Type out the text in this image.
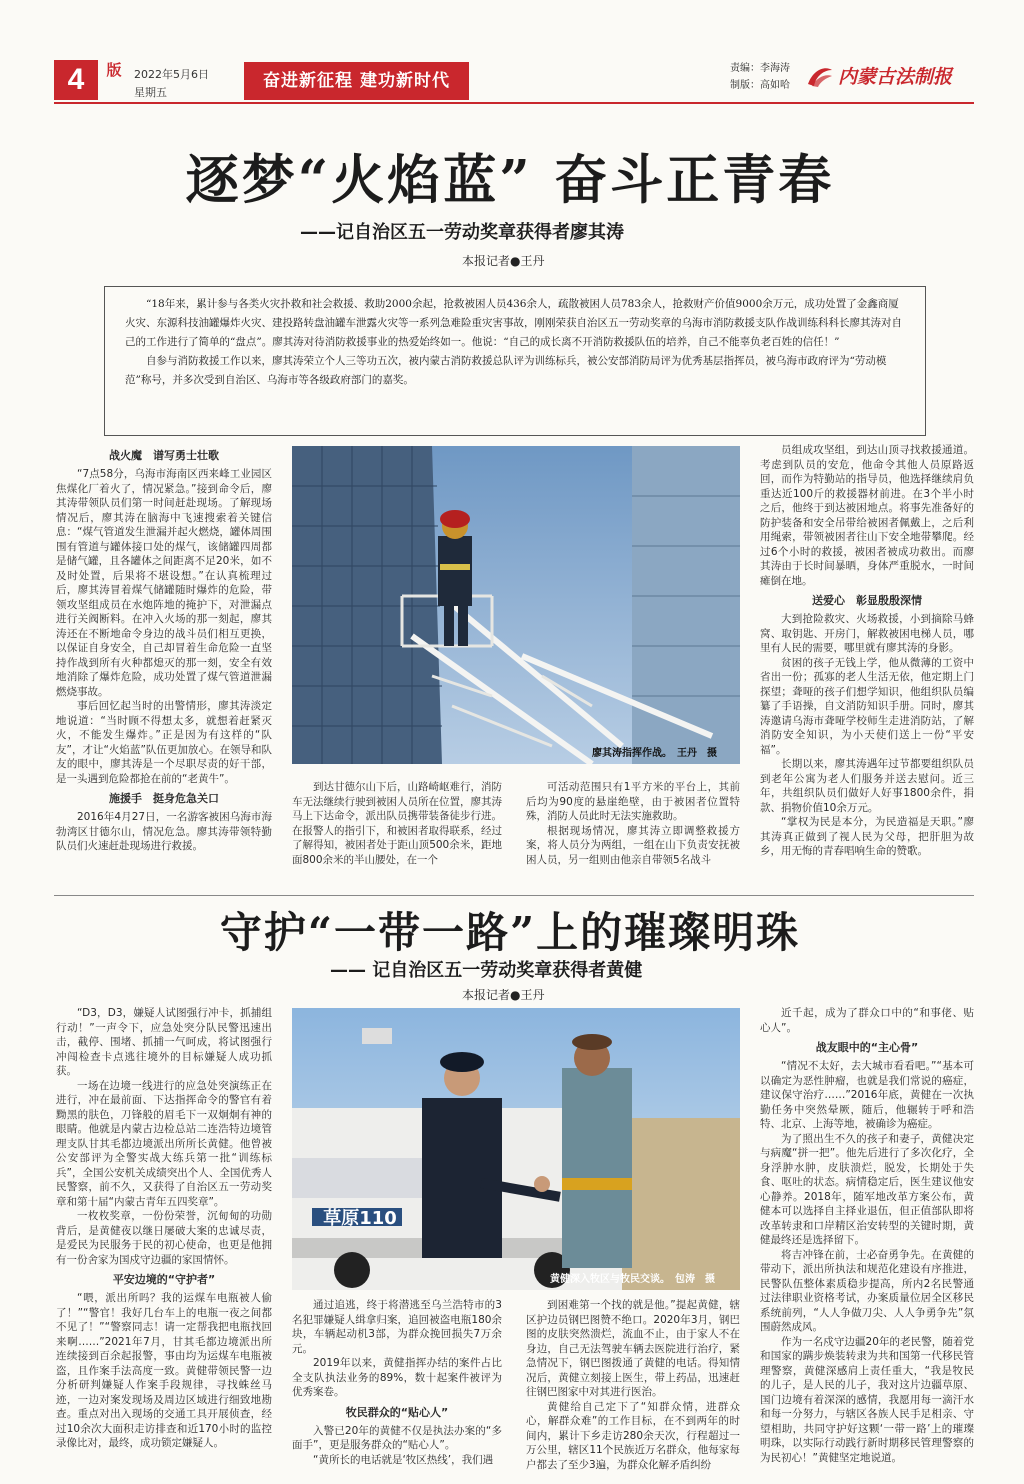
4	版	2022年5月6日
星期五
奋进新征程 建功新时代
责编：李海涛
制版：高如哈	内蒙古法制报
逐梦“火焰蓝” 奋斗正青春
——记自治区五一劳动奖章获得者廖其涛
本报记者●王丹

“18年来，累计参与各类火灾扑救和社会救援、救助2000余起，抢救被困人员436余人，疏散被困人员783余人，抢救财产价值9000余万元，成功处置了金鑫商厦火灾、东源科技油罐爆炸火灾、建投路转盘油罐车泄露火灾等一系列急难险重灾害事故，刚刚荣获自治区五一劳动奖章的乌海市消防救援支队作战训练科科长廖其涛对自己的工作进行了简单的“盘点”。廖其涛对待消防救援事业的热爱始终如一。他说：“自己的成长离不开消防救援队伍的培养，自己不能辜负老百姓的信任！”

自参与消防救援工作以来，廖其涛荣立个人三等功五次，被内蒙古消防救援总队评为训练标兵，被公安部消防局评为优秀基层指挥员，被乌海市政府评为“劳动模范”称号，并多次受到自治区、乌海市等各级政府部门的嘉奖。

战火魔　谱写勇士壮歌

“7点58分，乌海市海南区西来峰工业园区焦煤化厂着火了，情况紧急。”接到命令后，廖其涛带领队员们第一时间赶赴现场。了解现场情况后，廖其涛在脑海中飞速搜索着关键信息：“煤气管道发生泄漏并起火燃烧，罐体周围围有管道与罐体接口处的煤气，该储罐四周都是储气罐，且各罐体之间距离不足20米，如不及时处置，后果将不堪设想。”在认真梳理过后，廖其涛冒着煤气储罐随时爆炸的危险，带领攻坚组成员在水炮阵地的掩护下，对泄漏点进行关阀断料。在冲入火场的那一刻起，廖其涛还在不断地命令身边的战斗员们相互更换，以保证自身安全，自己却冒着生命危险一直坚持作战到所有火种都熄灭的那一刻，安全有效地消除了爆炸危险，成功处置了煤气管道泄漏燃烧事故。

事后回忆起当时的出警情形，廖其涛淡定地说道：“当时顾不得想太多，就想着赶紧灭火，不能发生爆炸。”正是因为有这样的“队友”，才让“火焰蓝”队伍更加放心。在领导和队友的眼中，廖其涛是一个尽职尽责的好干部，是一头遇到危险都抢在前的“老黄牛”。

施援手　挺身危急关口

2016年4月27日，一名游客被困乌海市海勃湾区甘德尔山，情况危急。廖其涛带领特勤队员们火速赶赴现场进行救援。

廖其涛指挥作战。　王丹　摄

到达甘德尔山下后，山路崎岖难行，消防车无法继续行驶到被困人员所在位置，廖其涛马上下达命令，派出队员携带装备徒步行进。在报警人的指引下，和被困者取得联系，经过了解得知，被困者处于距山顶500余米，距地面800余米的半山腰处，在一个

可活动范围只有1平方米的平台上，其前后均为90度的悬崖绝壁，由于被困者位置特殊，消防人员此时无法实施救助。

根据现场情况，廖其涛立即调整救援方案，将人员分为两组，一组在山下负责安抚被困人员，另一组则由他亲自带领5名战斗

员组成攻坚组，到达山顶寻找救援通道。考虑到队员的安危，他命令其他人员原路返回，而作为特勤站的指导员，他选择继续肩负重达近100斤的救援器材前进。在3个半小时之后，他终于到达被困地点。将事先准备好的防护装备和安全吊带给被困者佩戴上，之后利用绳索，带领被困者往山下安全地带攀爬。经过6个小时的救援，被困者被成功救出。而廖其涛由于长时间暴晒，身体严重脱水，一时间瘫倒在地。

送爱心　彰显殷殷深情

大到抢险救灾、火场救援，小到摘除马蜂窝、取钥匙、开房门，解救被困电梯人员，哪里有人民的需要，哪里就有廖其涛的身影。

贫困的孩子无钱上学，他从微薄的工资中省出一份；孤寡的老人生活无依，他定期上门探望；聋哑的孩子们想学知识，他组织队员编纂了手语操，自文消防知识手册。同时，廖其涛邀请乌海市聋哑学校师生走进消防站，了解消防安全知识，为小天使们送上一份“平安福”。

长期以来，廖其涛遇年过节都要组织队员到老年公寓为老人们服务并送去慰问。近三年，共组织队员们做好人好事1800余件，捐款、捐物价值10余万元。

“掌权为民是本分，为民造福是天职。”廖其涛真正做到了视人民为父母，把肝胆为故乡，用无悔的青春唱响生命的赞歌。

守护“一带一路”上的璀璨明珠
—— 记自治区五一劳动奖章获得者黄健
本报记者●王丹

“D3，D3，嫌疑人试图强行冲卡，抓捕组行动！”一声令下，应急处突分队民警迅速出击，截停、围堵、抓捕一气呵成，将试图强行冲闯检查卡点逃往境外的目标嫌疑人成功抓获。

一场在边境一线进行的应急处突演练正在进行，冲在最前面、下达指挥命令的警官有着黝黑的肤色，刀锋般的眉毛下一双炯炯有神的眼睛。他就是内蒙古边检总站二连浩特边境管理支队甘其毛都边境派出所所长黄健。他曾被公安部评为全警实战大练兵第一批“训练标兵”，全国公安机关成绩突出个人、全国优秀人民警察，前不久，又获得了自治区五一劳动奖章和第十届“内蒙古青年五四奖章”。

一枚枚奖章，一份份荣誉，沉甸甸的功勋背后，是黄健夜以继日屡破大案的忠诚尽责，是爱民为民服务于民的初心使命，也更是他拥有一份舍家为国戍守边疆的家国情怀。

平安边境的“守护者”

“喂，派出所吗？我的运煤车电瓶被人偷了！”“警官！我好几台车上的电瓶一夜之间都不见了！”“警察同志！请一定帮我把电瓶找回来啊……”2021年7月，甘其毛都边境派出所连续接到百余起报警，事由均为运煤车电瓶被盗，且作案手法高度一致。黄健带领民警一边分析研判嫌疑人作案手段规律，寻找蛛丝马迹，一边对案发现场及周边区域进行细致地勘查。重点对出入现场的交通工具开展侦查，经过10余次大面积走访排查和近170小时的监控录像比对，最终，成功锁定嫌疑人。

草原110
黄健深入牧区与牧民交谈。　包涛　摄

通过追逃，终于将潜逃至乌兰浩特市的3名犯罪嫌疑人缉拿归案，追回被盗电瓶180余块，车辆起动机3部，为群众挽回损失7万余元。

2019年以来，黄健指挥办结的案件占比全支队执法业务的89%，数十起案件被评为优秀案卷。

牧民群众的“贴心人”

入警已20年的黄健不仅是执法办案的“多面手”，更是服务群众的“贴心人”。

“黄所长的电话就是‘牧区热线’，我们遇

到困难第一个找的就是他。”提起黄健，辖区护边员钢巴图赞不绝口。2020年3月，钢巴图的皮肤突然溃烂，流血不止，由于家人不在身边，自己无法驾驶车辆去医院进行治疗，紧急情况下，钢巴图拨通了黄健的电话。得知情况后，黄健立刻接上医生，带上药品，迅速赶往钢巴图家中对其进行医治。

黄健给自己定下了“知群众情，进群众心，解群众难”的工作目标，在不到两年的时间内，累计下乡走访280余天次，行程超过一万公里，辖区11个民族近万名群众，他每家每户都去了至少3遍，为群众化解矛盾纠纷

近千起，成为了群众口中的“和事佬、贴心人”。

战友眼中的“主心骨”

“情况不太好，去大城市看看吧。”“基本可以确定为恶性肿瘤，也就是我们常说的癌症，建议保守治疗……”2016年底，黄健在一次执勤任务中突然晕厥，随后，他辗转于呼和浩特、北京、上海等地，被确诊为癌症。

为了照出生不久的孩子和妻子，黄健决定与病魔“拼一把”。他先后进行了多次化疗，全身浮肿水肿，皮肤溃烂，脱发，长期处于失食、呕吐的状态。病情稳定后，医生建议他安心静养。2018年，随军地改革方案公布，黄健本可以选择自主择业退伍，但正值部队即将改革转隶和口岸精区治安转型的关键时期，黄健最终还是选择留下。

将吉冲锋在前，士必奋勇争先。在黄健的带动下，派出所执法和规范化建设有序推进，民警队伍整体素质稳步提高，所内2名民警通过法律职业资格考试，办案质量位居全区移民系统前列，“人人争做刀尖、人人争勇争先”氛围蔚然成风。

作为一名戍守边疆20年的老民警，随着党和国家的蹒步焕装转隶为共和国第一代移民管理警察，黄健深感肩上责任重大，“我是牧民的儿子，是人民的儿子，我对这片边疆草原、国门边境有着深深的感情，我愿用每一滴汗水和每一分努力，与辖区各族人民手足相亲、守望相助，共同守护好这颗‘一带一路’上的璀璨明珠，以实际行动践行新时期移民管理警察的为民初心！”黄健坚定地说道。
